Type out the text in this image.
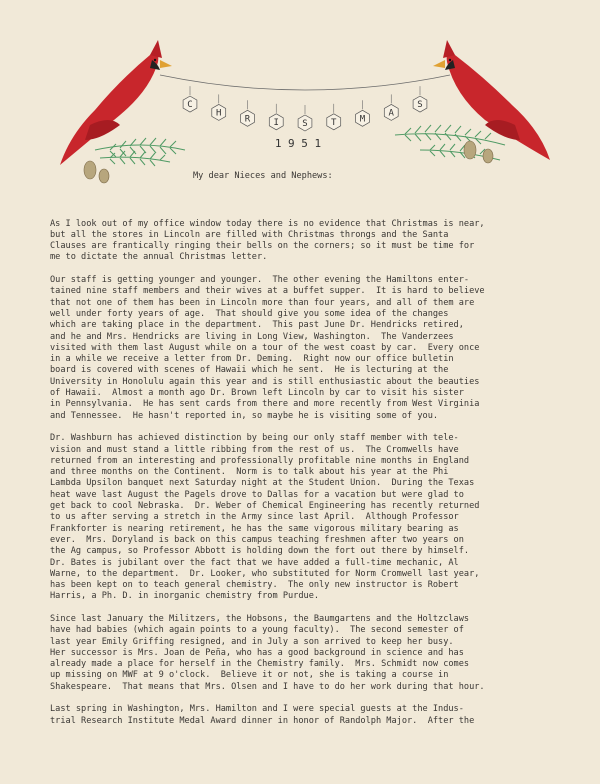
C
H
R	I	S	T	M
A
S
1 9 5 1
My dear Nieces and Nephews:

As I look out of my office window today there is no evidence that Christmas is near,
but all the stores in Lincoln are filled with Christmas throngs and the Santa
Clauses are frantically ringing their bells on the corners; so it must be time for
me to dictate the annual Christmas letter.
Our staff is getting younger and younger.  The other evening the Hamiltons enter-
tained nine staff members and their wives at a buffet supper.  It is hard to believe
that not one of them has been in Lincoln more than four years, and all of them are
well under forty years of age.  That should give you some idea of the changes
which are taking place in the department.  This past June Dr. Hendricks retired,
and he and Mrs. Hendricks are living in Long View, Washington.  The Vanderzees
visited with them last August while on a tour of the west coast by car.  Every once
in a while we receive a letter from Dr. Deming.  Right now our office bulletin
board is covered with scenes of Hawaii which he sent.  He is lecturing at the
University in Honolulu again this year and is still enthusiastic about the beauties
of Hawaii.  Almost a month ago Dr. Brown left Lincoln by car to visit his sister
in Pennsylvania.  He has sent cards from there and more recently from West Virginia
and Tennessee.  He hasn't reported in, so maybe he is visiting some of you.
Dr. Washburn has achieved distinction by being our only staff member with tele-
vision and must stand a little ribbing from the rest of us.  The Cromwells have
returned from an interesting and professionally profitable nine months in England
and three months on the Continent.  Norm is to talk about his year at the Phi
Lambda Upsilon banquet next Saturday night at the Student Union.  During the Texas
heat wave last August the Pagels drove to Dallas for a vacation but were glad to
get back to cool Nebraska.  Dr. Weber of Chemical Engineering has recently returned
to us after serving a stretch in the Army since last April.  Although Professor
Frankforter is nearing retirement, he has the same vigorous military bearing as
ever.  Mrs. Doryland is back on this campus teaching freshmen after two years on
the Ag campus, so Professor Abbott is holding down the fort out there by himself.
Dr. Bates is jubilant over the fact that we have added a full-time mechanic, Al
Warne, to the department.  Dr. Looker, who substituted for Norm Cromwell last year,
has been kept on to teach general chemistry.  The only new instructor is Robert
Harris, a Ph. D. in inorganic chemistry from Purdue.
Since last January the Militzers, the Hobsons, the Baumgartens and the Holtzclaws
have had babies (which again points to a young faculty).  The second semester of
last year Emily Griffing resigned, and in July a son arrived to keep her busy.
Her successor is Mrs. Joan de Peña, who has a good background in science and has
already made a place for herself in the Chemistry family.  Mrs. Schmidt now comes
up missing on MWF at 9 o'clock.  Believe it or not, she is taking a course in
Shakespeare.  That means that Mrs. Olsen and I have to do her work during that hour.
Last spring in Washington, Mrs. Hamilton and I were special guests at the Indus-
trial Research Institute Medal Award dinner in honor of Randolph Major.  After the
